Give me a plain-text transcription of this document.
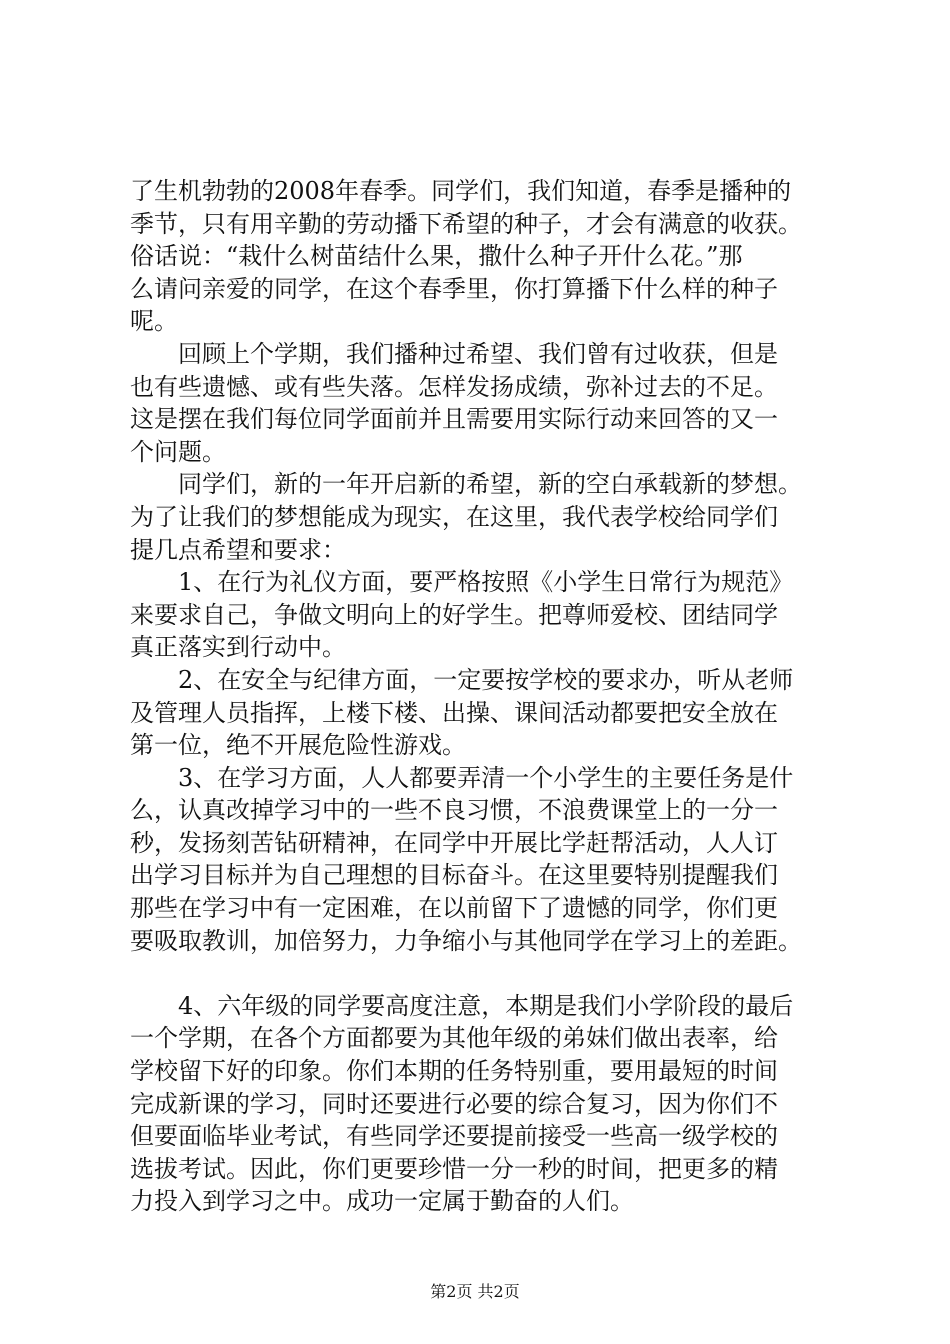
了生机勃勃的2008年春季。同学们，我们知道，春季是播种的
季节，只有用辛勤的劳动播下希望的种子，才会有满意的收获。
俗话说：“栽什么树苗结什么果，撒什么种子开什么花。”那
么请问亲爱的同学，在这个春季里，你打算播下什么样的种子
呢。
　　回顾上个学期，我们播种过希望、我们曾有过收获，但是
也有些遗憾、或有些失落。怎样发扬成绩，弥补过去的不足。
这是摆在我们每位同学面前并且需要用实际行动来回答的又一
个问题。
　　同学们，新的一年开启新的希望，新的空白承载新的梦想。
为了让我们的梦想能成为现实，在这里，我代表学校给同学们
提几点希望和要求：
　　1、在行为礼仪方面，要严格按照《小学生日常行为规范》
来要求自己，争做文明向上的好学生。把尊师爱校、团结同学
真正落实到行动中。
　　2、在安全与纪律方面，一定要按学校的要求办，听从老师
及管理人员指挥，上楼下楼、出操、课间活动都要把安全放在
第一位，绝不开展危险性游戏。
　　3、在学习方面，人人都要弄清一个小学生的主要任务是什
么，认真改掉学习中的一些不良习惯，不浪费课堂上的一分一
秒，发扬刻苦钻研精神，在同学中开展比学赶帮活动，人人订
出学习目标并为自己理想的目标奋斗。在这里要特别提醒我们
那些在学习中有一定困难，在以前留下了遗憾的同学，你们更
要吸取教训，加倍努力，力争缩小与其他同学在学习上的差距。
　　4、六年级的同学要高度注意，本期是我们小学阶段的最后
一个学期，在各个方面都要为其他年级的弟妹们做出表率，给
学校留下好的印象。你们本期的任务特别重，要用最短的时间
完成新课的学习，同时还要进行必要的综合复习，因为你们不
但要面临毕业考试，有些同学还要提前接受一些高一级学校的
选拔考试。因此，你们更要珍惜一分一秒的时间，把更多的精
力投入到学习之中。成功一定属于勤奋的人们。
第2页 共2页
